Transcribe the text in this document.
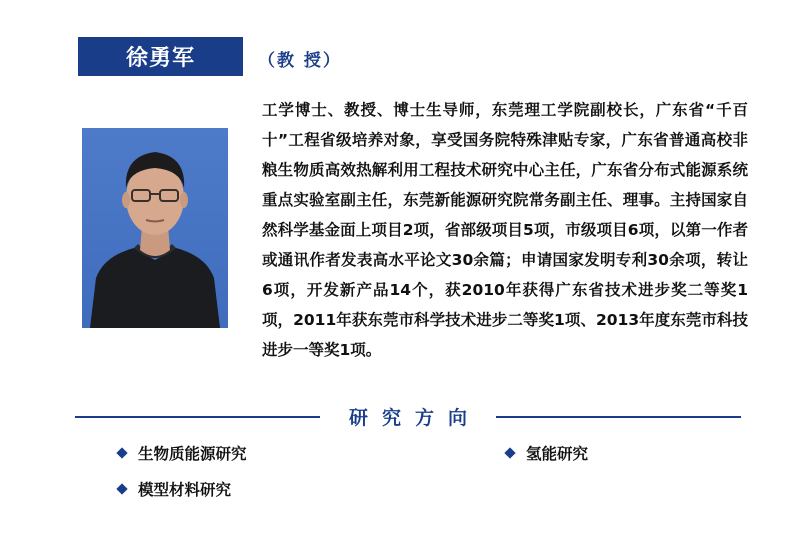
徐勇军	（教 授）

工学博士、教授、博士生导师，东莞理工学院副校长，广东省“千百十”工程省级培养对象，享受国务院特殊津贴专家，广东省普通高校非粮生物质高效热解利用工程技术研究中心主任，广东省分布式能源系统重点实验室副主任，东莞新能源研究院常务副主任、理事。主持国家自然科学基金面上项目2项，省部级项目5项，市级项目6项，以第一作者或通讯作者发表高水平论文30余篇；申请国家发明专利30余项，转让6项，开发新产品14个，获2010年获得广东省技术进步奖二等奖1项，2011年获东莞市科学技术进步二等奖1项、2013年度东莞市科技进步一等奖1项。

研究方向
生物质能源研究	氢能研究
模型材料研究
